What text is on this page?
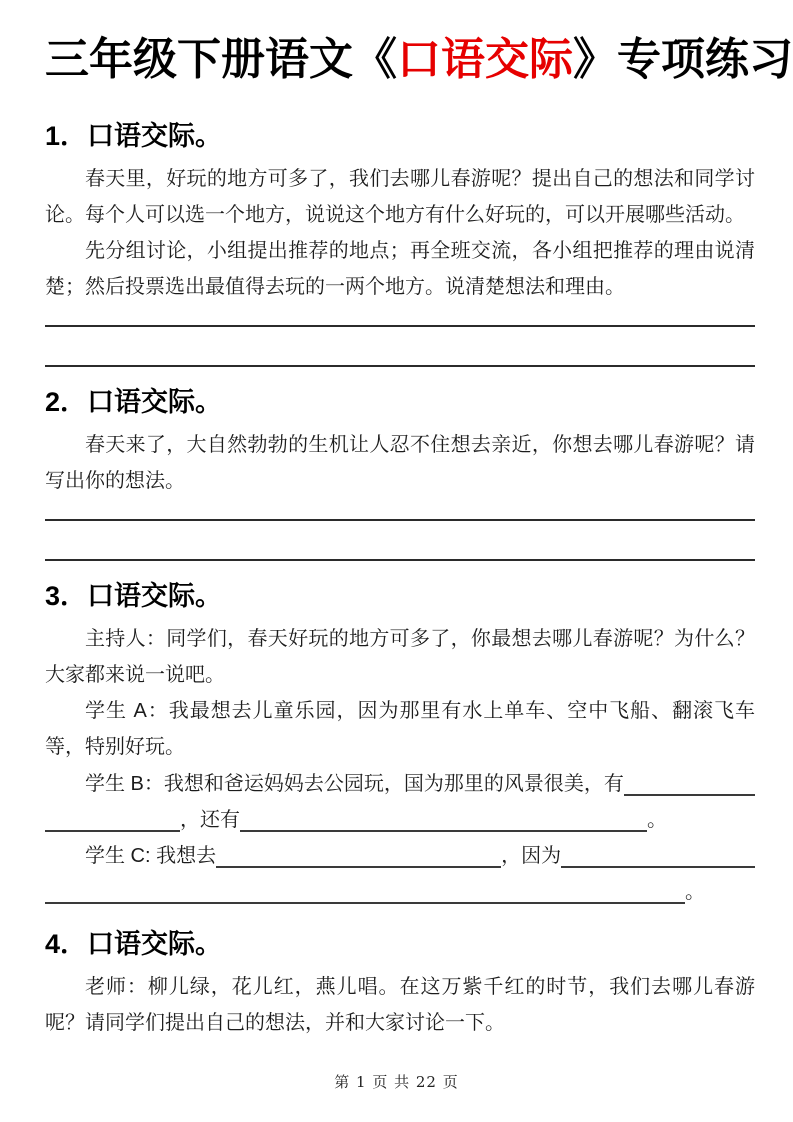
三年级下册语文《口语交际》专项练习
1．口语交际。

春天里，好玩的地方可多了，我们去哪儿春游呢？提出自己的想法和同学讨论。每个人可以选一个地方，说说这个地方有什么好玩的，可以开展哪些活动。

先分组讨论，小组提出推荐的地点；再全班交流，各小组把推荐的理由说清楚；然后投票选出最值得去玩的一两个地方。说清楚想法和理由。

2．口语交际。

春天来了，大自然勃勃的生机让人忍不住想去亲近，你想去哪儿春游呢？请写出你的想法。

3．口语交际。

主持人：同学们，春天好玩的地方可多了，你最想去哪儿春游呢？为什么？大家都来说一说吧。

学生 A：我最想去儿童乐园，因为那里有水上单车、空中飞船、翻滚飞车等，特别好玩。

学生 B：我想和爸运妈妈去公园玩，国为那里的风景很美，有
，还有	。
学生 C: 我想去	，因为
。
4．口语交际。

老师：柳儿绿，花儿红，燕儿唱。在这万紫千红的时节，我们去哪儿春游呢？请同学们提出自己的想法，并和大家讨论一下。

第 1 页 共 22 页
